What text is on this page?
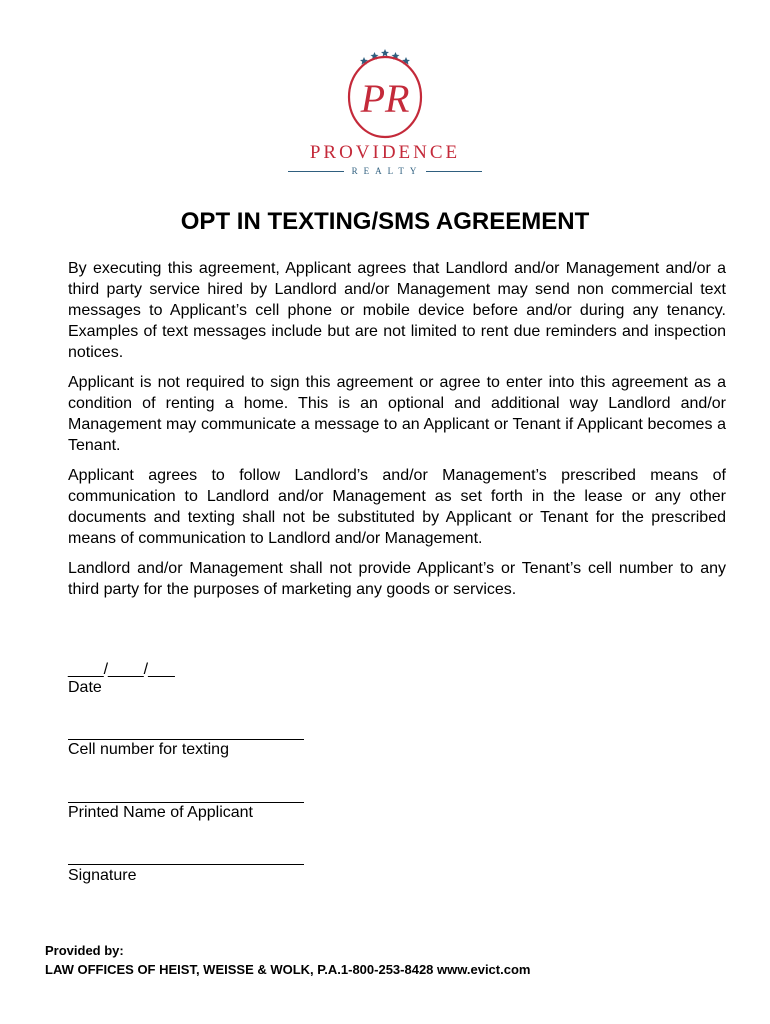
PR
PROVIDENCE
REALTY
OPT IN TEXTING/SMS AGREEMENT

By executing this agreement, Applicant agrees that Landlord and/or Management and/or a third party service hired by Landlord and/or Management may send non commercial text messages to Applicant’s cell phone or mobile device before and/or during any tenancy. Examples of text messages include but are not limited to rent due reminders and inspection notices.

Applicant is not required to sign this agreement or agree to enter into this agreement as a condition of renting a home. This is an optional and additional way Landlord and/or Management may communicate a message to an Applicant or Tenant if Applicant becomes a Tenant.

Applicant agrees to follow Landlord’s and/or Management’s prescribed means of communication to Landlord and/or Management as set forth in the lease or any other documents and texting shall not be substituted by Applicant or Tenant for the prescribed means of communication to Landlord and/or Management.

Landlord and/or Management shall not provide Applicant’s or Tenant’s cell number to any third party for the purposes of marketing any goods or services.

____/____/___
Date
Cell number for texting
Printed Name of Applicant
Signature
Provided by:
LAW OFFICES OF HEIST, WEISSE & WOLK, P.A.1-800-253-8428 www.evict.com
